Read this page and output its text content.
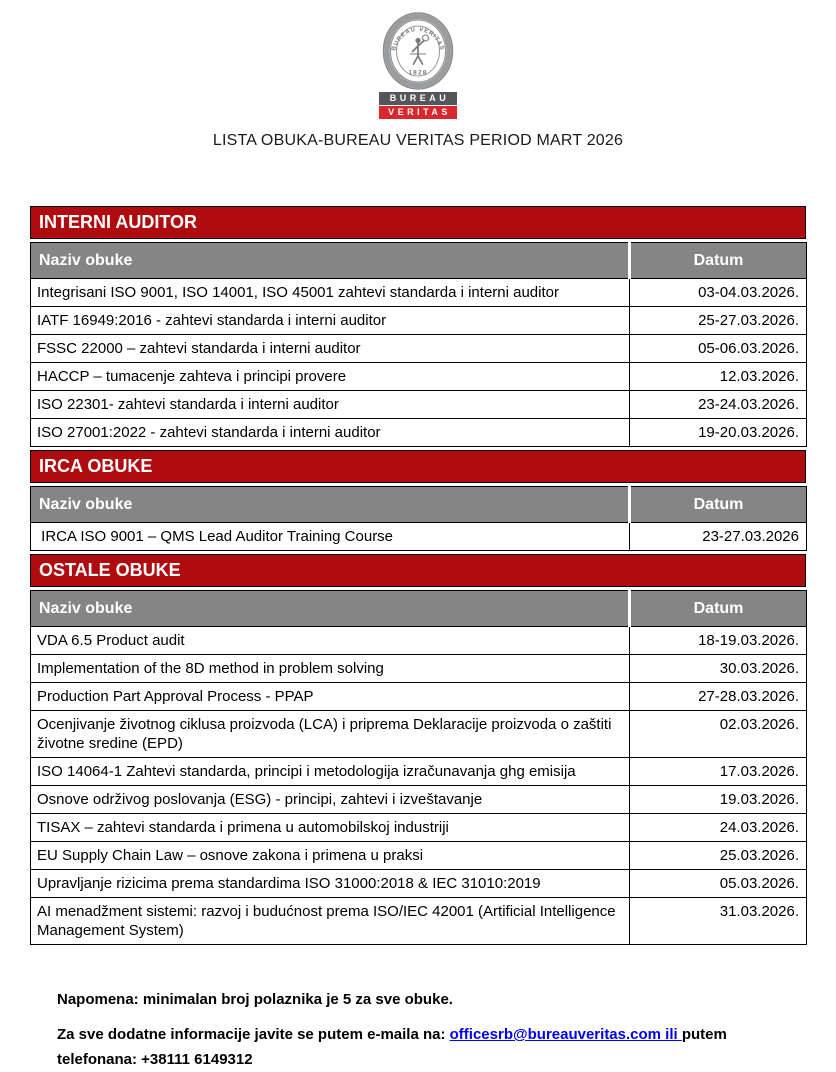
BUREAU VERITAS
1828
BUREAU
VERITAS
LISTA OBUKA-BUREAU VERITAS PERIOD MART 2026
INTERNI AUDITOR
Naziv obuke	Datum
Integrisani ISO 9001, ISO 14001, ISO 45001 zahtevi standarda i interni auditor	03-04.03.2026.
IATF 16949:2016 - zahtevi standarda i interni auditor	25-27.03.2026.
FSSC 22000 – zahtevi standarda i interni auditor	05-06.03.2026.
HACCP – tumacenje zahteva i principi provere	12.03.2026.
ISO 22301- zahtevi standarda i interni auditor	23-24.03.2026.
ISO 27001:2022 - zahtevi standarda i interni auditor	19-20.03.2026.
IRCA OBUKE
Naziv obuke	Datum
IRCA ISO 9001 – QMS Lead Auditor Training Course	23-27.03.2026
OSTALE OBUKE
Naziv obuke	Datum
VDA 6.5 Product audit	18-19.03.2026.
Implementation of the 8D method in problem solving	30.03.2026.
Production Part Approval Process - PPAP	27-28.03.2026.
Ocenjivanje životnog ciklusa proizvoda (LCA) i priprema Deklaracije proizvoda o zaštiti životne sredine (EPD)	02.03.2026.
ISO 14064-1 Zahtevi standarda, principi i metodologija izračunavanja ghg emisija	17.03.2026.
Osnove održivog poslovanja (ESG) - principi, zahtevi i izveštavanje	19.03.2026.
TISAX – zahtevi standarda i primena u automobilskoj industriji	24.03.2026.
EU Supply Chain Law – osnove zakona i primena u praksi	25.03.2026.
Upravljanje rizicima prema standardima ISO 31000:2018 & IEC 31010:2019	05.03.2026.
AI menadžment sistemi: razvoj i budućnost prema ISO/IEC 42001 (Artificial Intelligence Management System)	31.03.2026.

Napomena: minimalan broj polaznika je 5 za sve obuke.

Za sve dodatne informacije javite se putem e-maila na: officesrb@bureauveritas.com ili putem
telefonana: +38111 6149312
